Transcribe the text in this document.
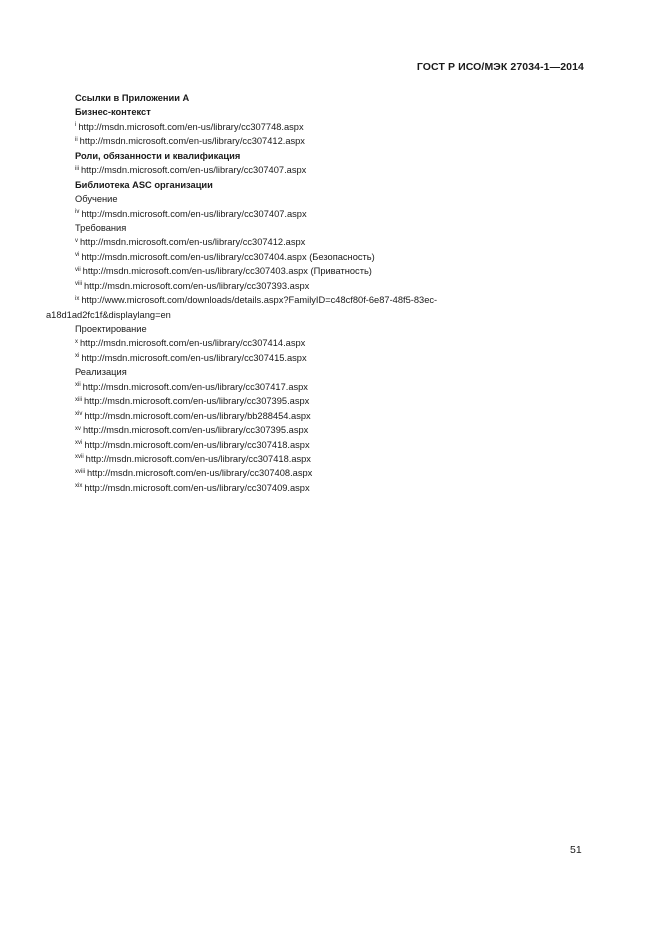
ГОСТ Р ИСО/МЭК 27034-1—2014
Ссылки в Приложении А
Бизнес-контекст
$^i$ http://msdn.microsoft.com/en-us/library/cc307748.aspx
$^{ii}$ http://msdn.microsoft.com/en-us/library/cc307412.aspx
Роли, обязанности и квалификация
$^{iii}$ http://msdn.microsoft.com/en-us/library/cc307407.aspx
Библиотека ASC организации
Обучение
$^{iv}$ http://msdn.microsoft.com/en-us/library/cc307407.aspx
Требования
$^v$ http://msdn.microsoft.com/en-us/library/cc307412.aspx
$^{vi}$ http://msdn.microsoft.com/en-us/library/cc307404.aspx (Безопасность)
$^{vii}$ http://msdn.microsoft.com/en-us/library/cc307403.aspx (Приватность)
$^{viii}$ http://msdn.microsoft.com/en-us/library/cc307393.aspx
$^{ix}$ http://www.microsoft.com/downloads/details.aspx?FamilyID=c48cf80f-6e87-48f5-83ec-
a18d1ad2fc1f&displaylang=en
Проектирование
$^x$ http://msdn.microsoft.com/en-us/library/cc307414.aspx
$^{xi}$ http://msdn.microsoft.com/en-us/library/cc307415.aspx
Реализация
$^{xii}$ http://msdn.microsoft.com/en-us/library/cc307417.aspx
$^{xiii}$ http://msdn.microsoft.com/en-us/library/cc307395.aspx
$^{xiv}$ http://msdn.microsoft.com/en-us/library/bb288454.aspx
$^{xv}$ http://msdn.microsoft.com/en-us/library/cc307395.aspx
$^{xvi}$ http://msdn.microsoft.com/en-us/library/cc307418.aspx
$^{xvii}$ http://msdn.microsoft.com/en-us/library/cc307418.aspx
$^{xviii}$ http://msdn.microsoft.com/en-us/library/cc307408.aspx
$^{xix}$ http://msdn.microsoft.com/en-us/library/cc307409.aspx
51
